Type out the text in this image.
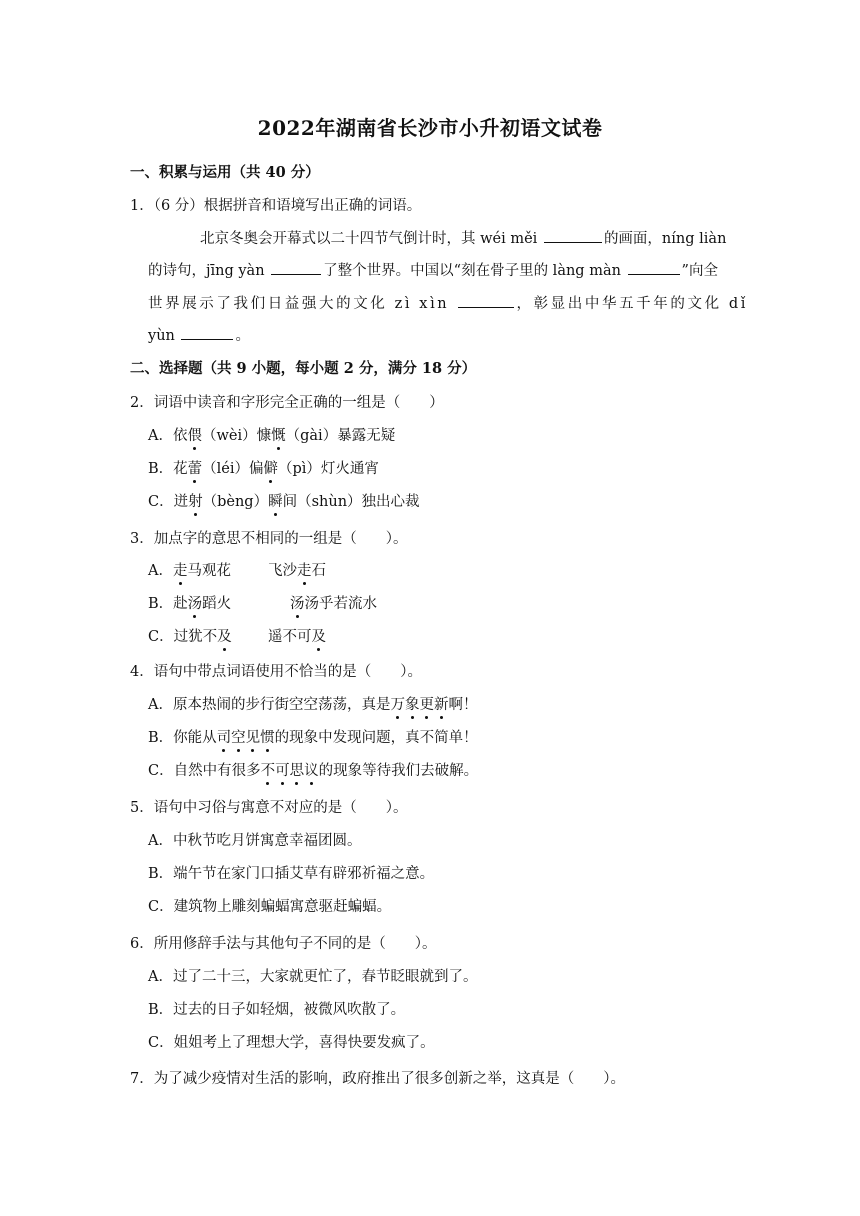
2022年湖南省长沙市小升初语文试卷
一、积累与运用（共 40 分）
1．（6 分）根据拼音和语境写出正确的词语。
北京冬奥会开幕式以二十四节气倒计时，其 wéi měi	的画面，níng liàn
的诗句，jīng yàn	了整个世界。中国以“刻在骨子里的 làng màn	”向全
世界展示了我们日益强大的文化 zì xìn	，彰显出中华五千年的文化 dǐ
yùn	。
二、选择题（共 9 小题，每小题 2 分，满分 18 分）
2．词语中读音和字形完全正确的一组是（　　）
A．依偎（wèi）慷慨（gài）暴露无疑
B．花蕾（léi）偏僻（pì）灯火通宵
C．迸射（bèng）瞬间（shùn）独出心裁
3．加点字的意思不相同的一组是（　　）。
A．走马观花	飞沙走石
B．赴汤蹈火	汤汤乎若流水
C．过犹不及	遥不可及
4．语句中带点词语使用不恰当的是（　　）。
A．原本热闹的步行街空空荡荡，真是万象更新啊！
B．你能从司空见惯的现象中发现问题，真不简单！
C．自然中有很多不可思议的现象等待我们去破解。
5．语句中习俗与寓意不对应的是（　　）。
A．中秋节吃月饼寓意幸福团圆。
B．端午节在家门口插艾草有辟邪祈福之意。
C．建筑物上雕刻蝙蝠寓意驱赶蝙蝠。
6．所用修辞手法与其他句子不同的是（　　）。
A．过了二十三，大家就更忙了，春节眨眼就到了。
B．过去的日子如轻烟，被微风吹散了。
C．姐姐考上了理想大学，喜得快要发疯了。
7．为了减少疫情对生活的影响，政府推出了很多创新之举，这真是（　　）。
